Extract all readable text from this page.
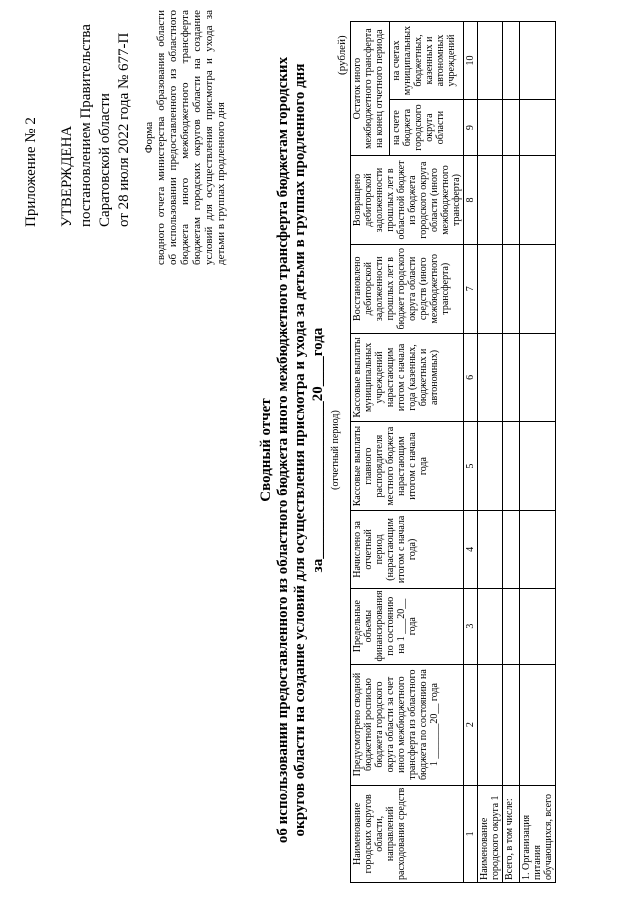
Приложение № 2 УТВЕРЖДЕНА постановлением Правительства Саратовской области от 28 июля 2022 года № 677-П Форма сводного отчета министерства образования области об использовании предоставленного из областного бюджета иного межбюджетного трансферта бюджетам городских округов области на создание условий для осуществления присмотра и ухода за детьми в группах продленного дня
Сводный отчет об использовании предоставленного из областного бюджета иного межбюджетного трансферта бюджетам городских округов области на создание условий для осуществления присмотра и ухода за детьми в группах продленного дня за_____________________20____года (отчетный период)
(рублей)
Наименование городских округов области, направлений расходования средств	Предусмотрено сводной бюджетной росписью бюджета городского округа области за счет иного межбюджетного трансферта из областного бюджета по состоянию на 1 _______20__ года	Предельные объемы финансирования по состоянию на 1 ___20__ года	Начислено за отчетный период (нарастающим итогом с начала года)	Кассовые выплаты главного распорядителя местного бюджета нарастающим итогом с начала года	Кассовые выплаты муниципальных учреждений нарастающим итогом с начала года (казенных, бюджетных и автономных)	Восстановлено дебиторской задолженности прошлых лет в бюджет городского округа области средств (иного межбюджетного трансферта)	Возвращено дебиторской задолженности прошлых лет в областной бюджет из бюджета городского округа области (иного межбюджетного трансферта)	Остаток иного межбюджетного трансферта на конец отчетного периода	
								на счете бюджета городского округа области	на счетах муниципальных бюджетных, казенных и автономных учреждений
1	2	3	4	5	6	7	8	9	10
Наименование городского округа 1									
Всего, в том числе:									
1. Организация питания обучающихся, всего									
